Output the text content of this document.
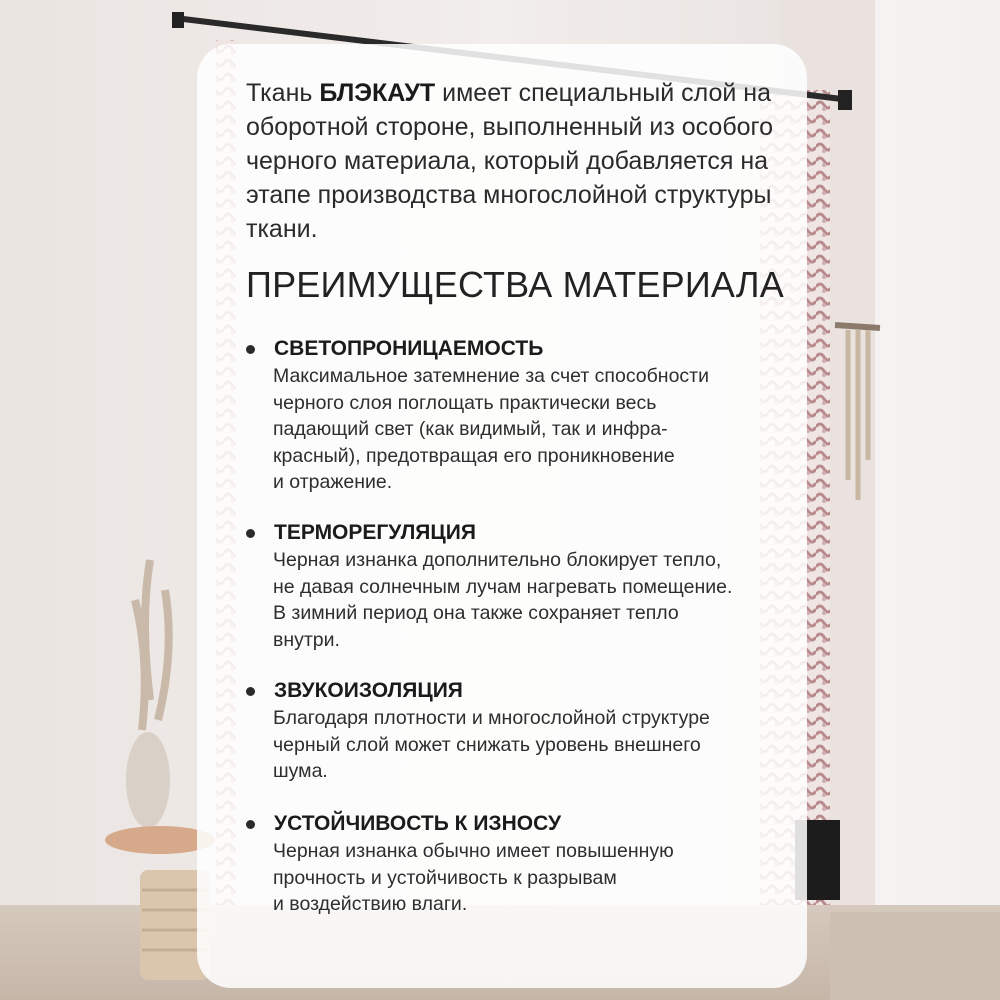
Ткань БЛЭКАУТ имеет специальный слой на оборотной стороне, выполненный из особого черного материала, который добавляется на этапе производства многослойной структуры ткани.

ПРЕИМУЩЕСТВА МАТЕРИАЛА
СВЕТОПРОНИЦАЕМОСТЬ

Максимальное затемнение за счет способности
черного слоя поглощать практически весь
падающий свет (как видимый, так и инфра-
красный), предотвращая его проникновение
и отражение.

ТЕРМОРЕГУЛЯЦИЯ

Черная изнанка дополнительно блокирует тепло,
не давая солнечным лучам нагревать помещение.
В зимний период она также сохраняет тепло
внутри.

ЗВУКОИЗОЛЯЦИЯ

Благодаря плотности и многослойной структуре
черный слой может снижать уровень внешнего
шума.

УСТОЙЧИВОСТЬ К ИЗНОСУ

Черная изнанка обычно имеет повышенную
прочность и устойчивость к разрывам
и воздействию влаги.
